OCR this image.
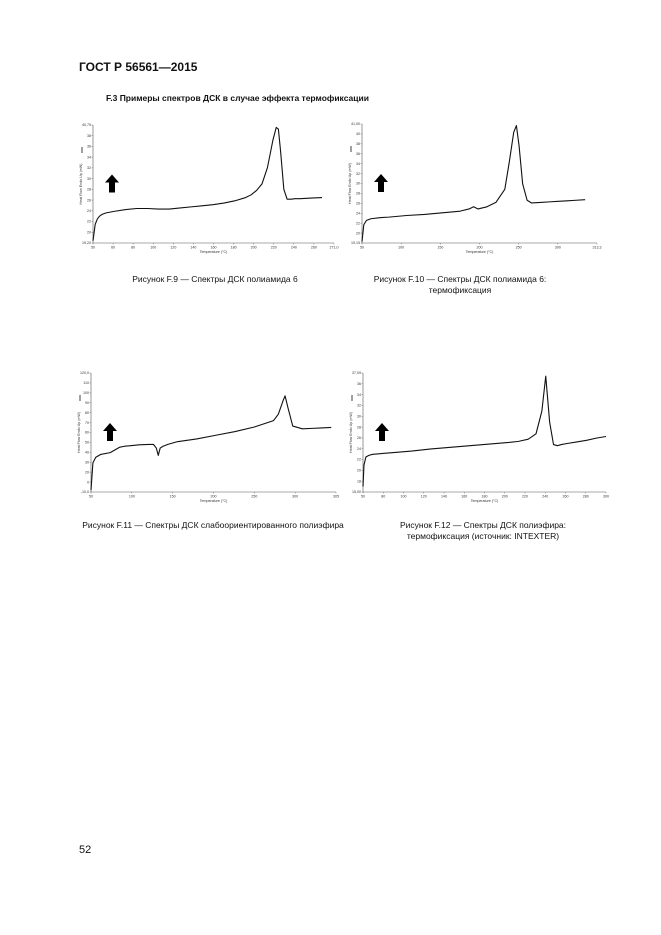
ГОСТ Р 56561—2015
F.3 Примеры спектров ДСК в случае эффекта термофиксации
Рисунок F.9 — Спектры ДСК полиамида 6	Рисунок F.10 — Спектры ДСК полиамида 6: термофиксация
Рисунок F.11 — Спектры ДСК слабоориентированного полиэфира	Рисунок F.12 — Спектры ДСК полиэфира: термофиксация (источник: INTEXTER)
52
50	60	80	100	120	140	160	180	200	220	240	260	271,0
19,20
20
22
24
26
28
30
32
34
36
38
40,75
Temperature (°C)
Heat Flow Endo Up (mW)
50	100	150	200	250	300	313,3
19,15
20
22
24
26
28
30
32
34
36
38
40
41,00
Temperature (°C)
Heat Flow Endo Up (mW)
50	100	150	200	250	300	305
-10,0
0
20
30
40
50
60
70
80
90
100
110
120,0
Temperature (°C)
Heat Flow Endo Up (mW)
50	80	100	120	140	160	180	200	220	240	260	280	300
15,00
18
20
22
24
26
28
30
32
34
36
37,09
Temperature (°C)
Heat Flow Endo Up (mW)
